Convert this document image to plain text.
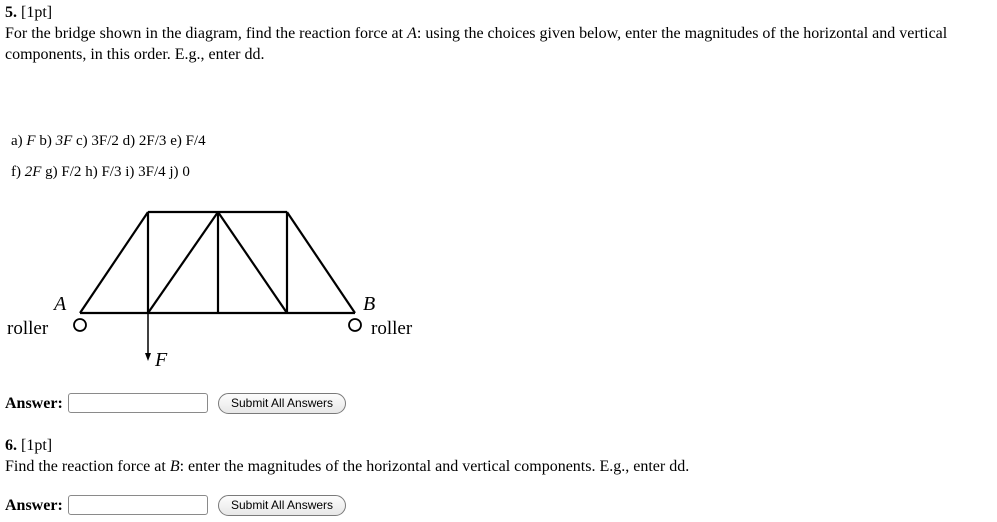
5. [1pt]
For the bridge shown in the diagram, find the reaction force at A: using the choices given below, enter the magnitudes of the horizontal and vertical
components, in this order. E.g., enter dd.
a) F b) 3F c) 3F/2 d) 2F/3 e) F/4
f) 2F g) F/2 h) F/3 i) 3F/4 j) 0
A	B
roller	roller
F
Answer:	Submit All Answers
6. [1pt]
Find the reaction force at B: enter the magnitudes of the horizontal and vertical components. E.g., enter dd.
Answer:	Submit All Answers
